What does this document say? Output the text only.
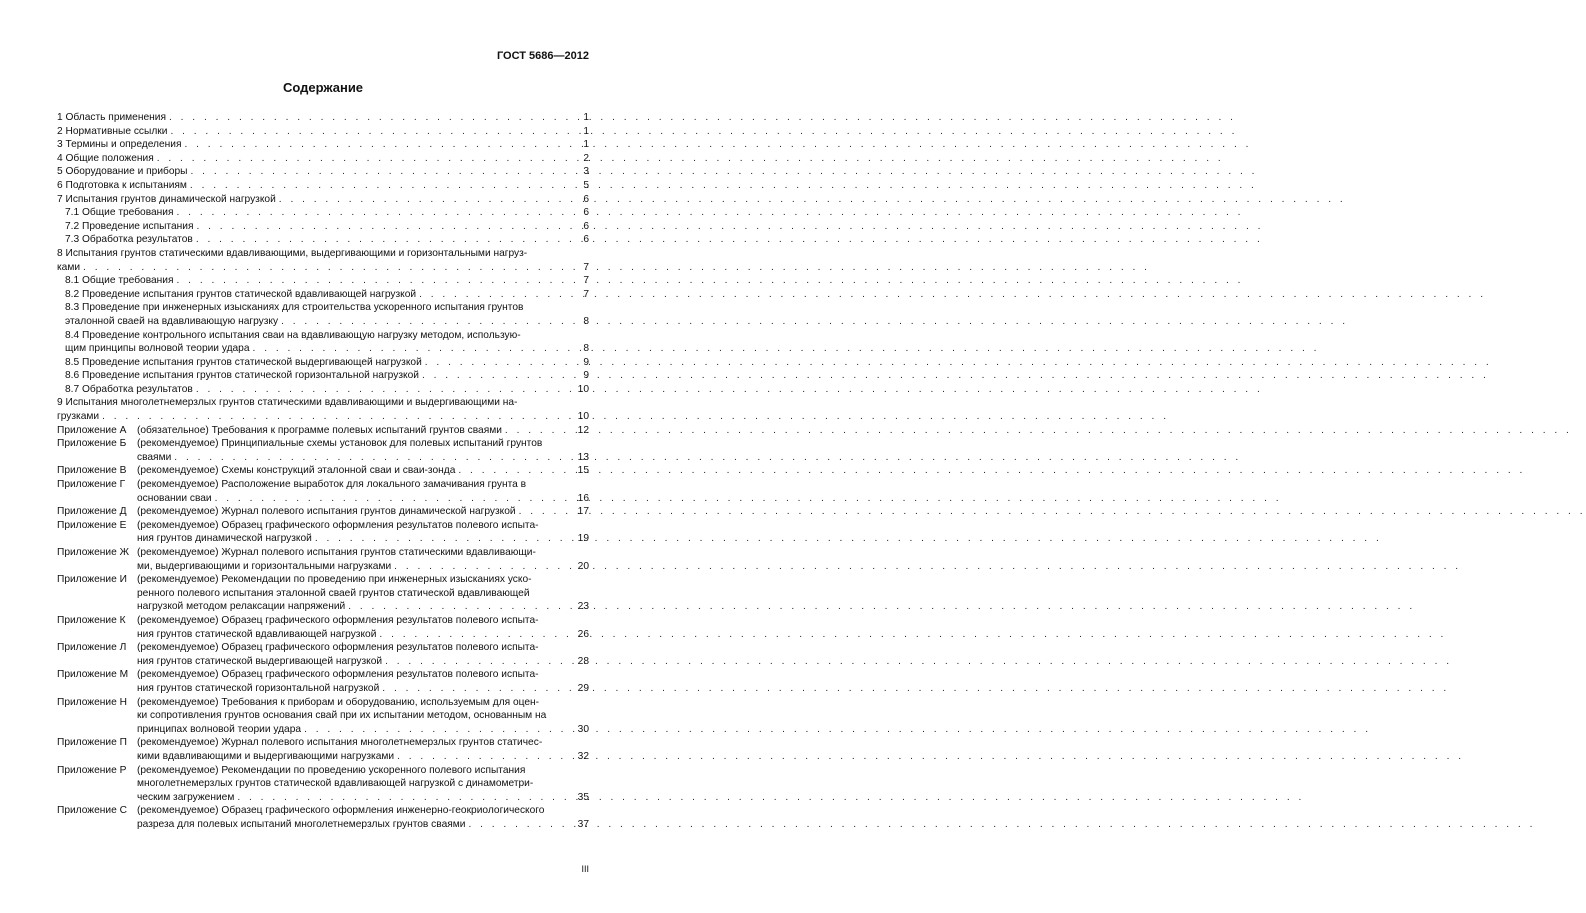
ГОСТ 5686—2012
Содержание
1 Область применения . . .	1
2 Нормативные ссылки . . .	1
3 Термины и определения . . .	1
4 Общие положения . . .	2
5 Оборудование и приборы . . .	3
6 Подготовка к испытаниям . . .	5
7 Испытания грунтов динамической нагрузкой . . .	6
7.1 Общие требования . . .	6
7.2 Проведение испытания . . .	6
7.3 Обработка результатов . . .	6
8 Испытания грунтов статическими вдавливающими, выдергивающими и горизонтальными нагруз-
ками . . .	7
8.1 Общие требования . . .	7
8.2 Проведение испытания грунтов статической вдавливающей нагрузкой . . .	7
8.3 Проведение при инженерных изысканиях для строительства ускоренного испытания грунтов
эталонной сваей на вдавливающую нагрузку . . .	8
8.4 Проведение контрольного испытания сваи на вдавливающую нагрузку методом, использую-
щим принципы волновой теории удара . . .	8
8.5 Проведение испытания грунтов статической выдергивающей нагрузкой . . .	9
8.6 Проведение испытания грунтов статической горизонтальной нагрузкой . . .	9
8.7 Обработка результатов . . .	10
9 Испытания многолетнемерзлых грунтов статическими вдавливающими и выдергивающими на-
грузками . . .	10
Приложение А	(обязательное) Требования к программе полевых испытаний грунтов сваями . . .	12
Приложение Б	(рекомендуемое) Принципиальные схемы установок для полевых испытаний грунтов
сваями . . .	13
Приложение В	(рекомендуемое) Схемы конструкций эталонной сваи и сваи-зонда . . .	15
Приложение Г	(рекомендуемое) Расположение выработок для локального замачивания грунта в
основании сваи . . .	16
Приложение Д	(рекомендуемое) Журнал полевого испытания грунтов динамической нагрузкой . . .	17
Приложение Е	(рекомендуемое) Образец графического оформления результатов полевого испыта-
ния грунтов динамической нагрузкой . . .	19
Приложение Ж (рекомендуемое) Журнал полевого испытания грунтов статическими вдавливающи-
ми, выдергивающими и горизонтальными нагрузками . . .	20
Приложение И (рекомендуемое) Рекомендации по проведению при инженерных изысканиях уско-
ренного полевого испытания эталонной сваей грунтов статической вдавливающей
нагрузкой методом релаксации напряжений . . .	23
Приложение К	(рекомендуемое) Образец графического оформления результатов полевого испыта-
ния грунтов статической вдавливающей нагрузкой . . .	26
Приложение Л	(рекомендуемое) Образец графического оформления результатов полевого испыта-
ния грунтов статической выдергивающей нагрузкой . . .	28
Приложение М (рекомендуемое) Образец графического оформления результатов полевого испыта-
ния грунтов статической горизонтальной нагрузкой . . .	29
Приложение Н (рекомендуемое) Требования к приборам и оборудованию, используемым для оцен-
ки сопротивления грунтов основания свай при их испытании методом, основанным на
принципах волновой теории удара . . .	30
Приложение П (рекомендуемое) Журнал полевого испытания многолетнемерзлых грунтов статичес-
кими вдавливающими и выдергивающими нагрузками . . .	32
Приложение Р	(рекомендуемое) Рекомендации по проведению ускоренного полевого испытания
многолетнемерзлых грунтов статической вдавливающей нагрузкой с динамометри-
ческим загружением . . .	35
Приложение С (рекомендуемое) Образец графического оформления инженерно-геокриологического
разреза для полевых испытаний многолетнемерзлых грунтов сваями . . .	37
III
